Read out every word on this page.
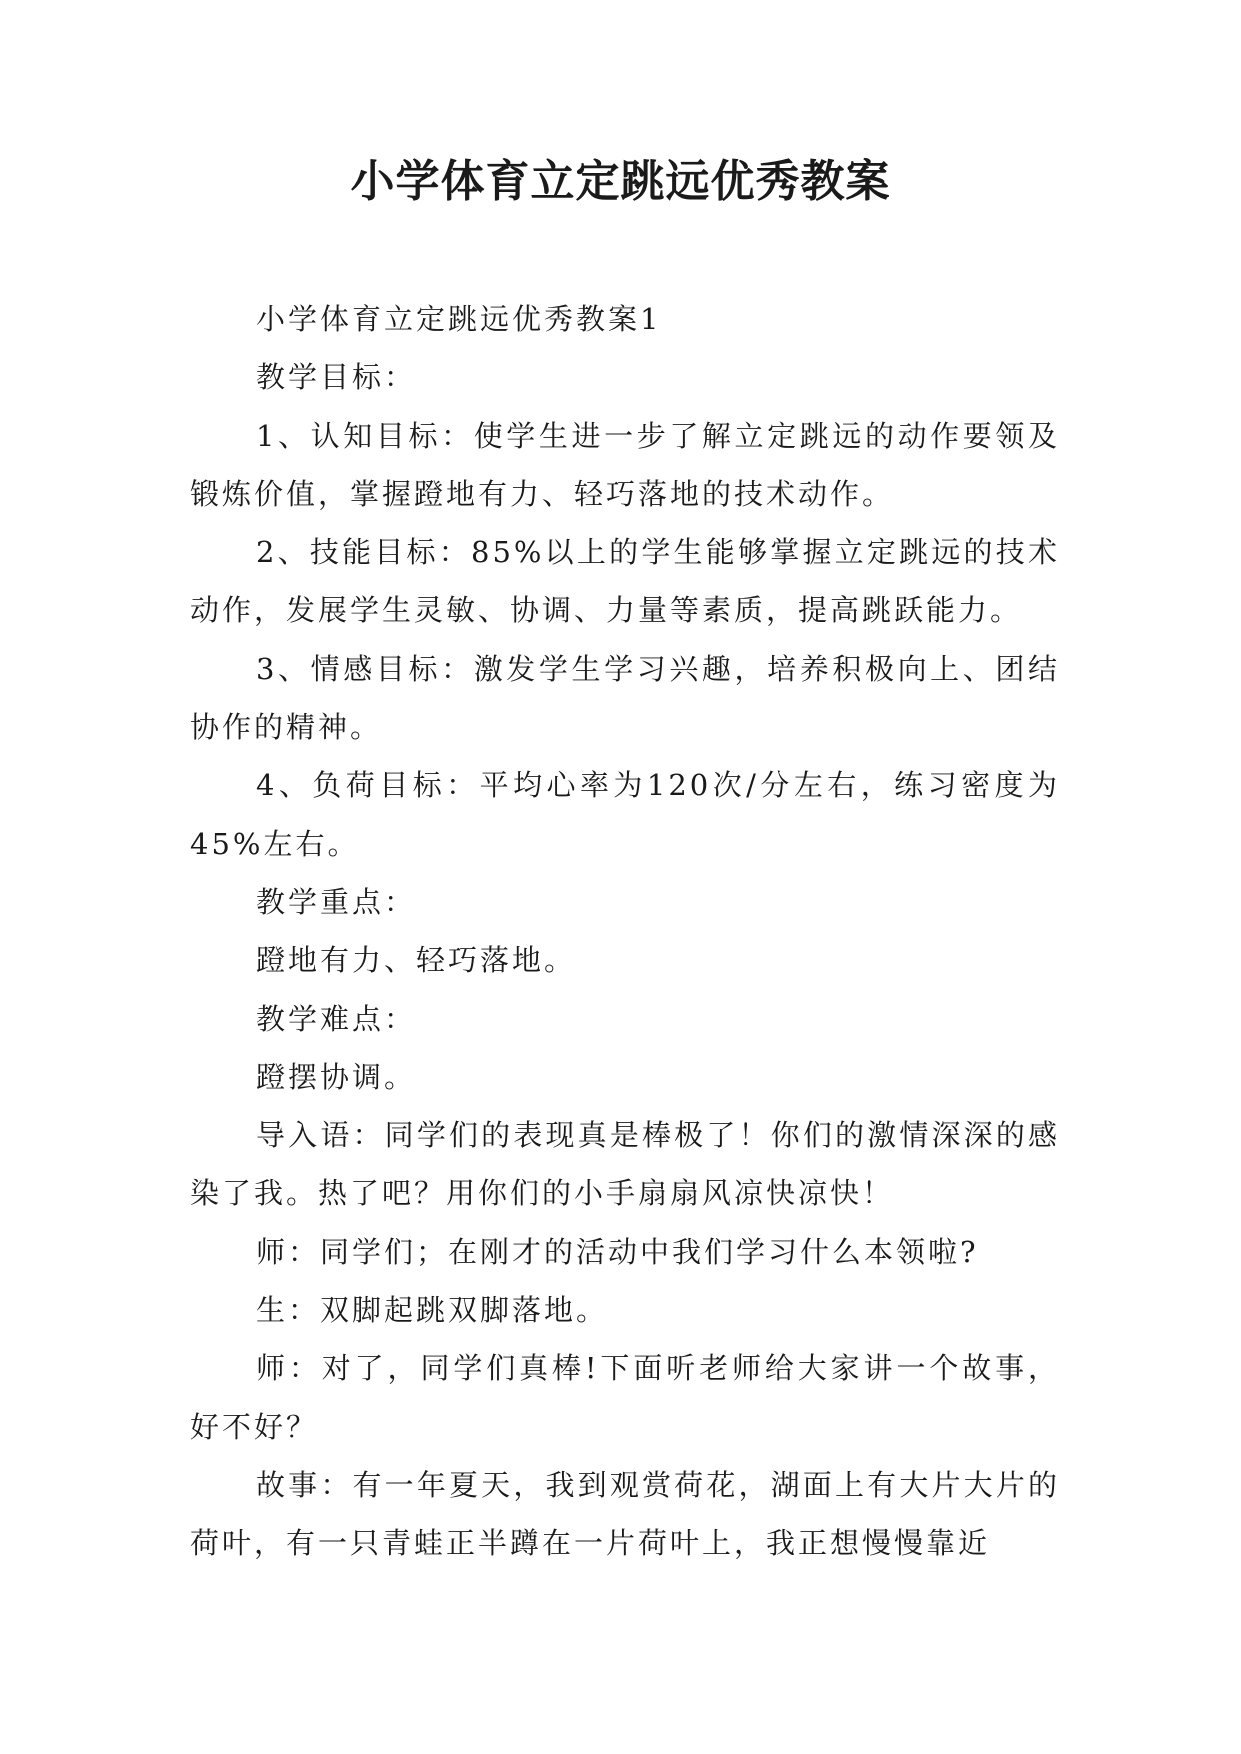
小学体育立定跳远优秀教案

小学体育立定跳远优秀教案1

教学目标：

1、认知目标：使学生进一步了解立定跳远的动作要领及锻炼价值，掌握蹬地有力、轻巧落地的技术动作。

2、技能目标：85%以上的学生能够掌握立定跳远的技术动作，发展学生灵敏、协调、力量等素质，提高跳跃能力。

3、情感目标：激发学生学习兴趣，培养积极向上、团结协作的精神。

4、负荷目标：平均心率为120次/分左右，练习密度为45%左右。

教学重点：

蹬地有力、轻巧落地。

教学难点：

蹬摆协调。

导入语：同学们的表现真是棒极了！你们的激情深深的感染了我。热了吧？用你们的小手扇扇风凉快凉快！

师：同学们；在刚才的活动中我们学习什么本领啦?

生：双脚起跳双脚落地。

师：对了，同学们真棒!下面听老师给大家讲一个故事，好不好？

故事：有一年夏天，我到观赏荷花，湖面上有大片大片的荷叶，有一只青蛙正半蹲在一片荷叶上，我正想慢慢靠近
